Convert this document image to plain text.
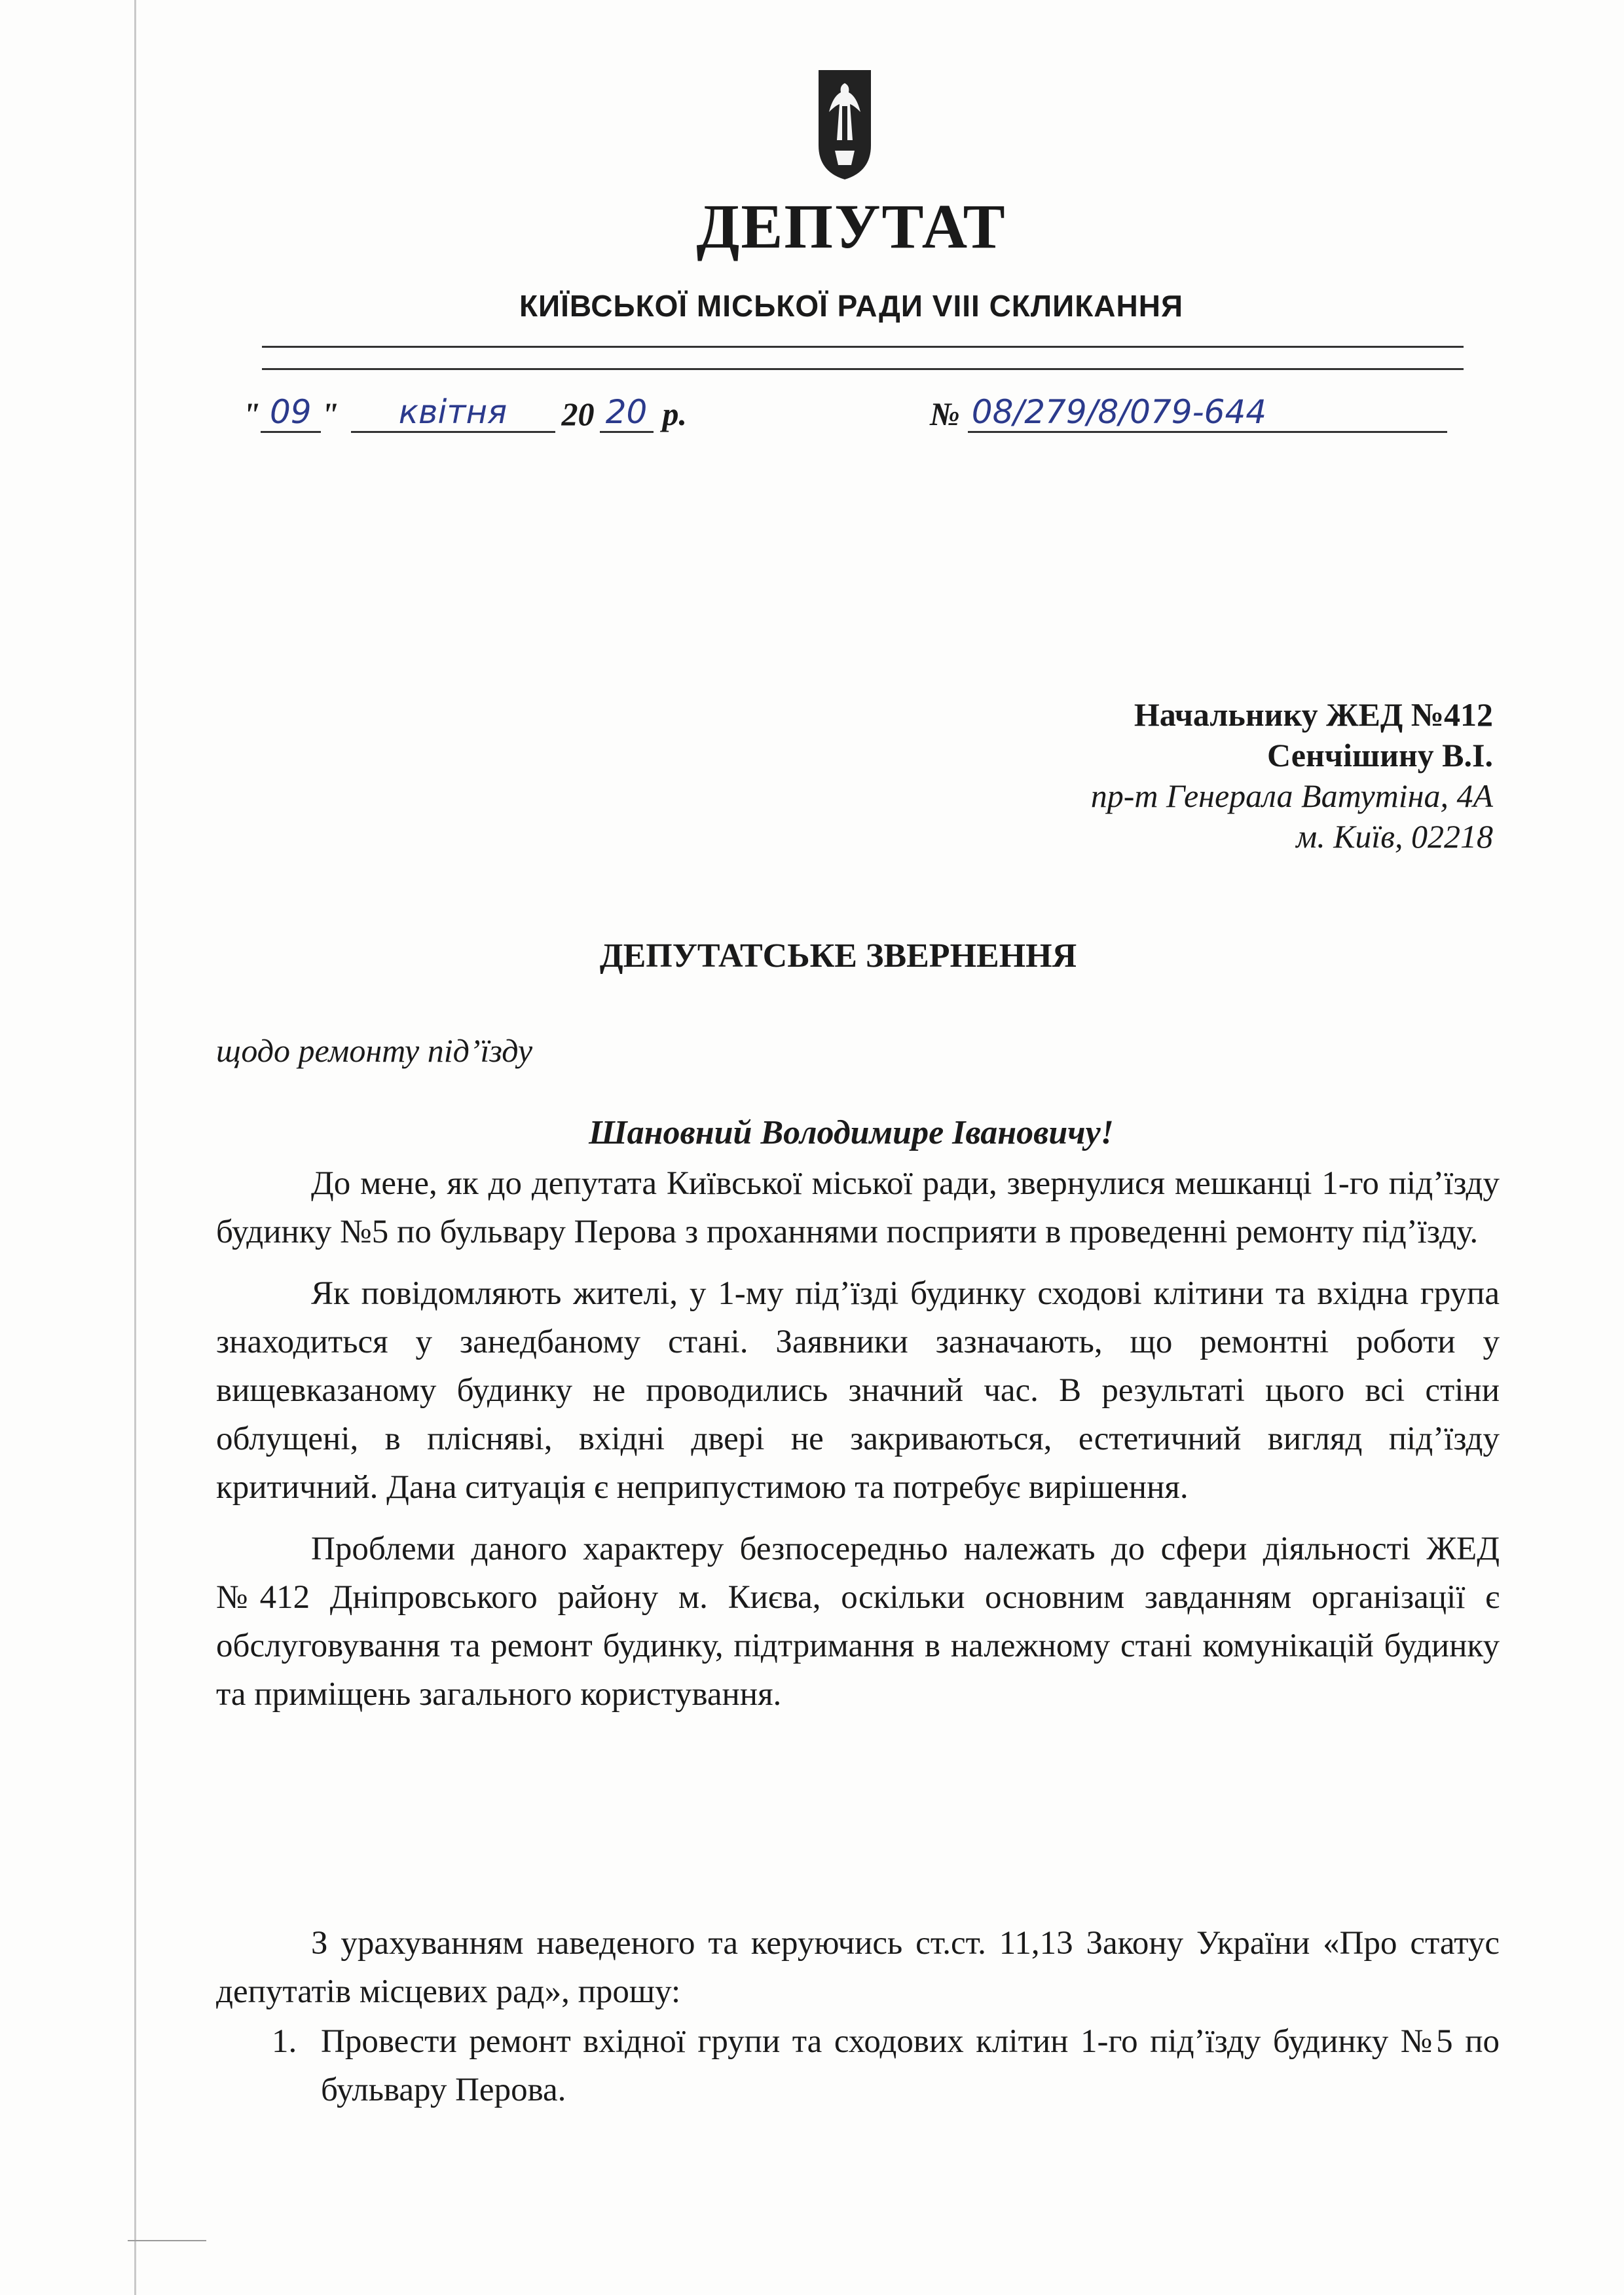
ДЕПУТАТ
КИЇВСЬКОЇ МІСЬКОЇ РАДИ VIII СКЛИКАННЯ
" 09 "	квітня	20 20 р.	№ 08/279/8/079-644
Начальнику ЖЕД №412
Сенчішину В.І.
пр-т Генерала Ватутіна, 4А
м. Київ, 02218
ДЕПУТАТСЬКЕ ЗВЕРНЕННЯ
щодо ремонту під’їзду
Шановний Володимире Івановичу!

До мене, як до депутата Київської міської ради, звернулися мешканці 1-го під’їзду будинку №5 по бульвару Перова з проханнями посприяти в проведенні ремонту під’їзду.

Як повідомляють жителі, у 1-му під’їзді будинку сходові клітини та вхідна група знаходиться у занедбаному стані. Заявники зазначають, що ремонтні роботи у вищевказаному будинку не проводились значний час. В результаті цього всі стіни облущені, в плісняві, вхідні двері не закриваються, естетичний вигляд під’їзду критичний. Дана ситуація є неприпустимою та потребує вирішення.

Проблеми даного характеру безпосередньо належать до сфери діяльності ЖЕД №412 Дніпровського району м. Києва, оскільки основним завданням організації є обслуговування та ремонт будинку, підтримання в належному стані комунікацій будинку та приміщень загального користування.

З урахуванням наведеного та керуючись ст.ст. 11,13 Закону України «Про статус депутатів місцевих рад», прошу:

1. Провести ремонт вхідної групи та сходових клітин 1-го під’їзду будинку №5 по бульвару Перова.
